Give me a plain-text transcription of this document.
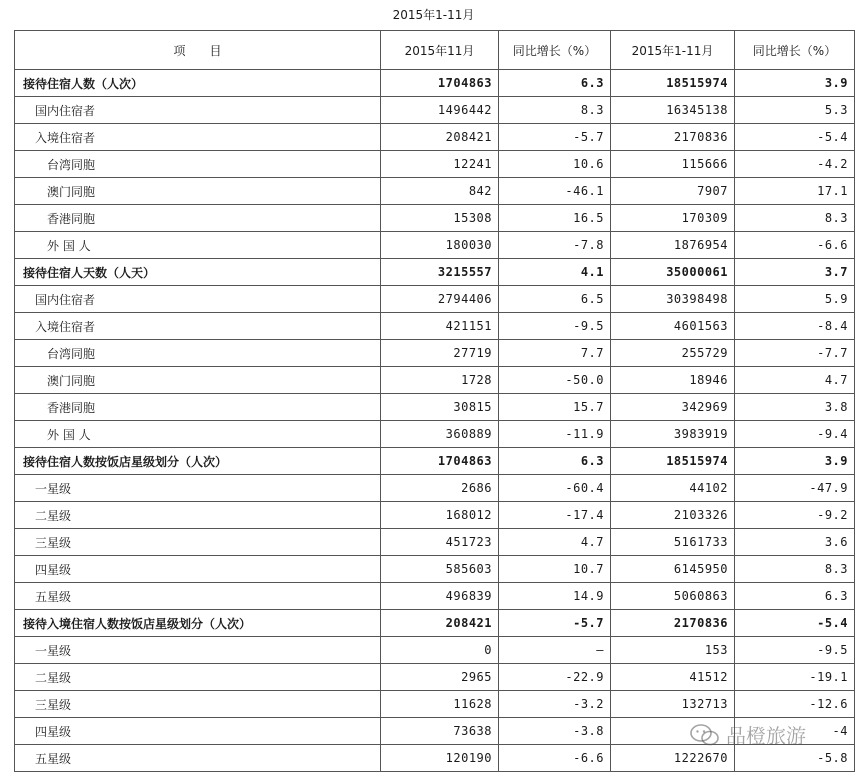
2015年1-11月
项　　目	2015年11月	同比增长（%）	2015年1-11月	同比增长（%）
接待住宿人数（人次）	1704863	6.3	18515974	3.9
国内住宿者	1496442	8.3	16345138	5.3
入境住宿者	208421	-5.7	2170836	-5.4
台湾同胞	12241	10.6	115666	-4.2
澳门同胞	842	-46.1	7907	17.1
香港同胞	15308	16.5	170309	8.3
外 国 人	180030	-7.8	1876954	-6.6
接待住宿人天数（人天）	3215557	4.1	35000061	3.7
国内住宿者	2794406	6.5	30398498	5.9
入境住宿者	421151	-9.5	4601563	-8.4
台湾同胞	27719	7.7	255729	-7.7
澳门同胞	1728	-50.0	18946	4.7
香港同胞	30815	15.7	342969	3.8
外 国 人	360889	-11.9	3983919	-9.4
接待住宿人数按饭店星级划分（人次）	1704863	6.3	18515974	3.9
一星级	2686	-60.4	44102	-47.9
二星级	168012	-17.4	2103326	-9.2
三星级	451723	4.7	5161733	3.6
四星级	585603	10.7	6145950	8.3
五星级	496839	14.9	5060863	6.3
接待入境住宿人数按饭店星级划分（人次）	208421	-5.7	2170836	-5.4
一星级	0	—	153	-9.5
二星级	2965	-22.9	41512	-19.1
三星级	11628	-3.2	132713	-12.6
四星级	73638	-3.8		-4
五星级	120190	-6.6	1222670	-5.8
品橙旅游
